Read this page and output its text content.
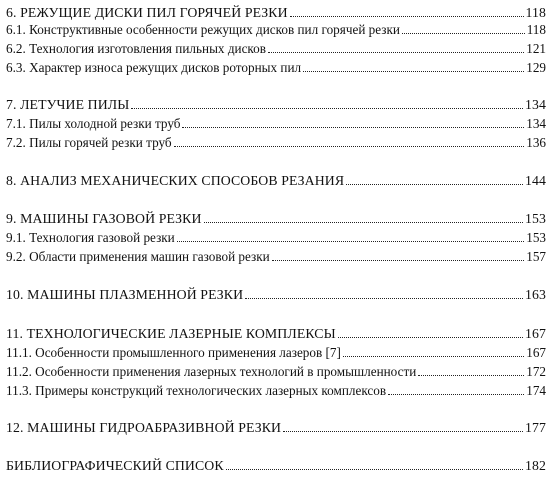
6. РЕЖУЩИЕ ДИСКИ ПИЛ ГОРЯЧЕЙ РЕЗКИ	118
6.1. Конструктивные особенности режущих дисков пил горячей резки	118
6.2. Технология изготовления пильных дисков	121
6.3. Характер износа режущих дисков роторных пил	129
7. ЛЕТУЧИЕ ПИЛЫ	134
7.1. Пилы холодной резки труб	134
7.2. Пилы горячей резки труб	136
8. АНАЛИЗ МЕХАНИЧЕСКИХ СПОСОБОВ РЕЗАНИЯ	144
9. МАШИНЫ ГАЗОВОЙ РЕЗКИ	153
9.1. Технология газовой резки	153
9.2. Области применения машин газовой резки	157
10. МАШИНЫ ПЛАЗМЕННОЙ РЕЗКИ	163
11. ТЕХНОЛОГИЧЕСКИЕ ЛАЗЕРНЫЕ КОМПЛЕКСЫ	167
11.1. Особенности промышленного применения лазеров [7]	167
11.2. Особенности применения лазерных технологий в промышленности	172
11.3. Примеры конструкций технологических лазерных комплексов	174
12. МАШИНЫ ГИДРОАБРАЗИВНОЙ РЕЗКИ	177
БИБЛИОГРАФИЧЕСКИЙ СПИСОК	182
